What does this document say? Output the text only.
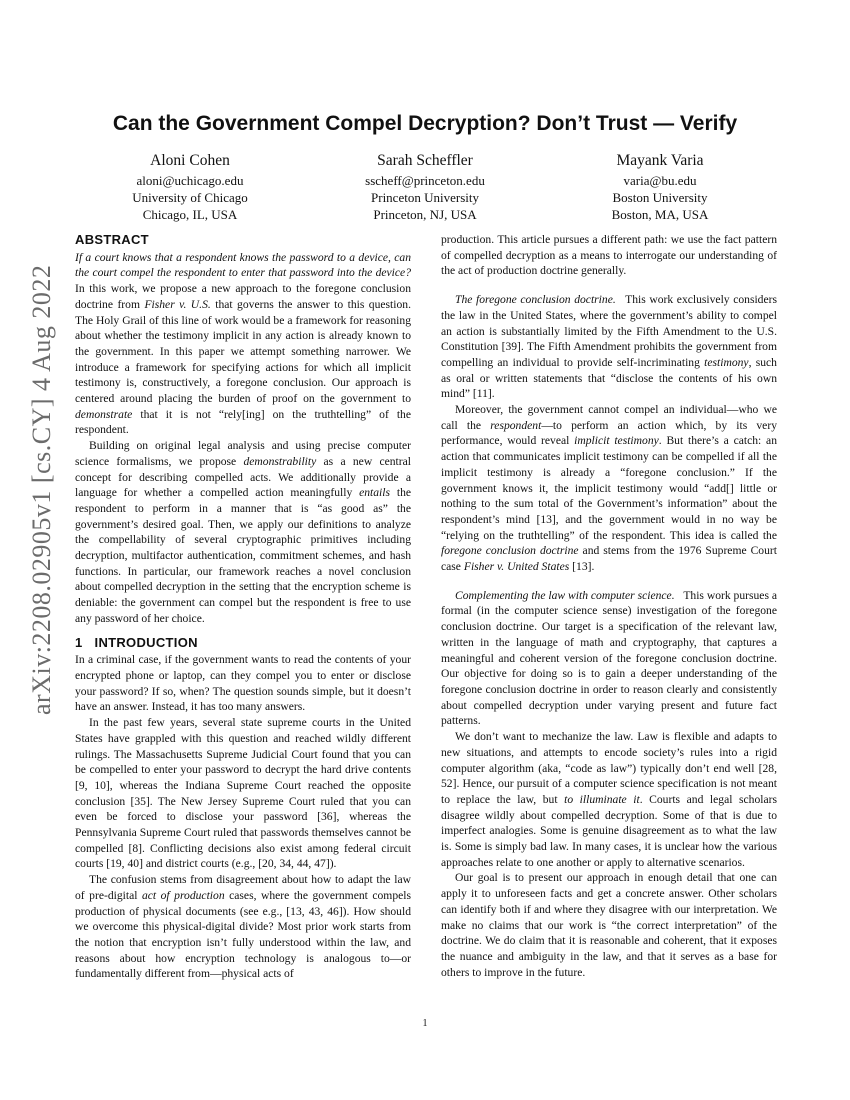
arXiv:2208.02905v1 [cs.CY] 4 Aug 2022
Can the Government Compel Decryption? Don’t Trust — Verify
Aloni Cohen
aloni@uchicago.edu
University of Chicago
Chicago, IL, USA
Sarah Scheffler
sscheff@princeton.edu
Princeton University
Princeton, NJ, USA
Mayank Varia
varia@bu.edu
Boston University
Boston, MA, USA
ABSTRACT

If a court knows that a respondent knows the password to a device, can the court compel the respondent to enter that password into the device? In this work, we propose a new approach to the foregone conclusion doctrine from Fisher v. U.S. that governs the answer to this question. The Holy Grail of this line of work would be a framework for reasoning about whether the testimony implicit in any action is already known to the government. In this paper we attempt something narrower. We introduce a framework for specifying actions for which all implicit testimony is, constructively, a foregone conclusion. Our approach is centered around placing the burden of proof on the government to demonstrate that it is not “rely[ing] on the truthtelling” of the respondent.

Building on original legal analysis and using precise computer science formalisms, we propose demonstrability as a new central concept for describing compelled acts. We additionally provide a language for whether a compelled action meaningfully entails the respondent to perform in a manner that is “as good as” the government’s desired goal. Then, we apply our definitions to analyze the compellability of several cryptographic primitives including decryption, multifactor authentication, commitment schemes, and hash functions. In particular, our framework reaches a novel conclusion about compelled decryption in the setting that the encryption scheme is deniable: the government can compel but the respondent is free to use any password of her choice.

1 INTRODUCTION

In a criminal case, if the government wants to read the contents of your encrypted phone or laptop, can they compel you to enter or disclose your password? If so, when? The question sounds simple, but it doesn’t have an answer. Instead, it has too many answers.

In the past few years, several state supreme courts in the United States have grappled with this question and reached wildly different rulings. The Massachusetts Supreme Judicial Court found that you can be compelled to enter your password to decrypt the hard drive contents [9, 10], whereas the Indiana Supreme Court reached the opposite conclusion [35]. The New Jersey Supreme Court ruled that you can even be forced to disclose your password [36], whereas the Pennsylvania Supreme Court ruled that passwords themselves cannot be compelled [8]. Conflicting decisions also exist among federal circuit courts [19, 40] and district courts (e.g., [20, 34, 44, 47]).

The confusion stems from disagreement about how to adapt the law of pre-digital act of production cases, where the government compels production of physical documents (see e.g., [13, 43, 46]). How should we overcome this physical-digital divide? Most prior work starts from the notion that encryption isn’t fully understood within the law, and reasons about how encryption technology is analogous to—or fundamentally different from—physical acts of

production. This article pursues a different path: we use the fact pattern of compelled decryption as a means to interrogate our understanding of the act of production doctrine generally.

The foregone conclusion doctrine. This work exclusively considers the law in the United States, where the government’s ability to compel an action is substantially limited by the Fifth Amendment to the U.S. Constitution [39]. The Fifth Amendment prohibits the government from compelling an individual to provide self-incriminating testimony, such as oral or written statements that “disclose the contents of his own mind” [11].

Moreover, the government cannot compel an individual—who we call the respondent—to perform an action which, by its very performance, would reveal implicit testimony. But there’s a catch: an action that communicates implicit testimony can be compelled if all the implicit testimony is already a “foregone conclusion.” If the government knows it, the implicit testimony would “add[] little or nothing to the sum total of the Government’s information” about the respondent’s mind [13], and the government would in no way be “relying on the truthtelling” of the respondent. This idea is called the foregone conclusion doctrine and stems from the 1976 Supreme Court case Fisher v. United States [13].

Complementing the law with computer science. This work pursues a formal (in the computer science sense) investigation of the foregone conclusion doctrine. Our target is a specification of the relevant law, written in the language of math and cryptography, that captures a meaningful and coherent version of the foregone conclusion doctrine. Our objective for doing so is to gain a deeper understanding of the foregone conclusion doctrine in order to reason clearly and consistently about compelled decryption under varying present and future fact patterns.

We don’t want to mechanize the law. Law is flexible and adapts to new situations, and attempts to encode society’s rules into a rigid computer algorithm (aka, “code as law”) typically don’t end well [28, 52]. Hence, our pursuit of a computer science specification is not meant to replace the law, but to illuminate it. Courts and legal scholars disagree wildly about compelled decryption. Some of that is due to imperfect analogies. Some is genuine disagreement as to what the law is. Some is simply bad law. In many cases, it is unclear how the various approaches relate to one another or apply to alternative scenarios.

Our goal is to present our approach in enough detail that one can apply it to unforeseen facts and get a concrete answer. Other scholars can identify both if and where they disagree with our interpretation. We make no claims that our work is “the correct interpretation” of the doctrine. We do claim that it is reasonable and coherent, that it exposes the nuance and ambiguity in the law, and that it serves as a base for others to improve in the future.

1
